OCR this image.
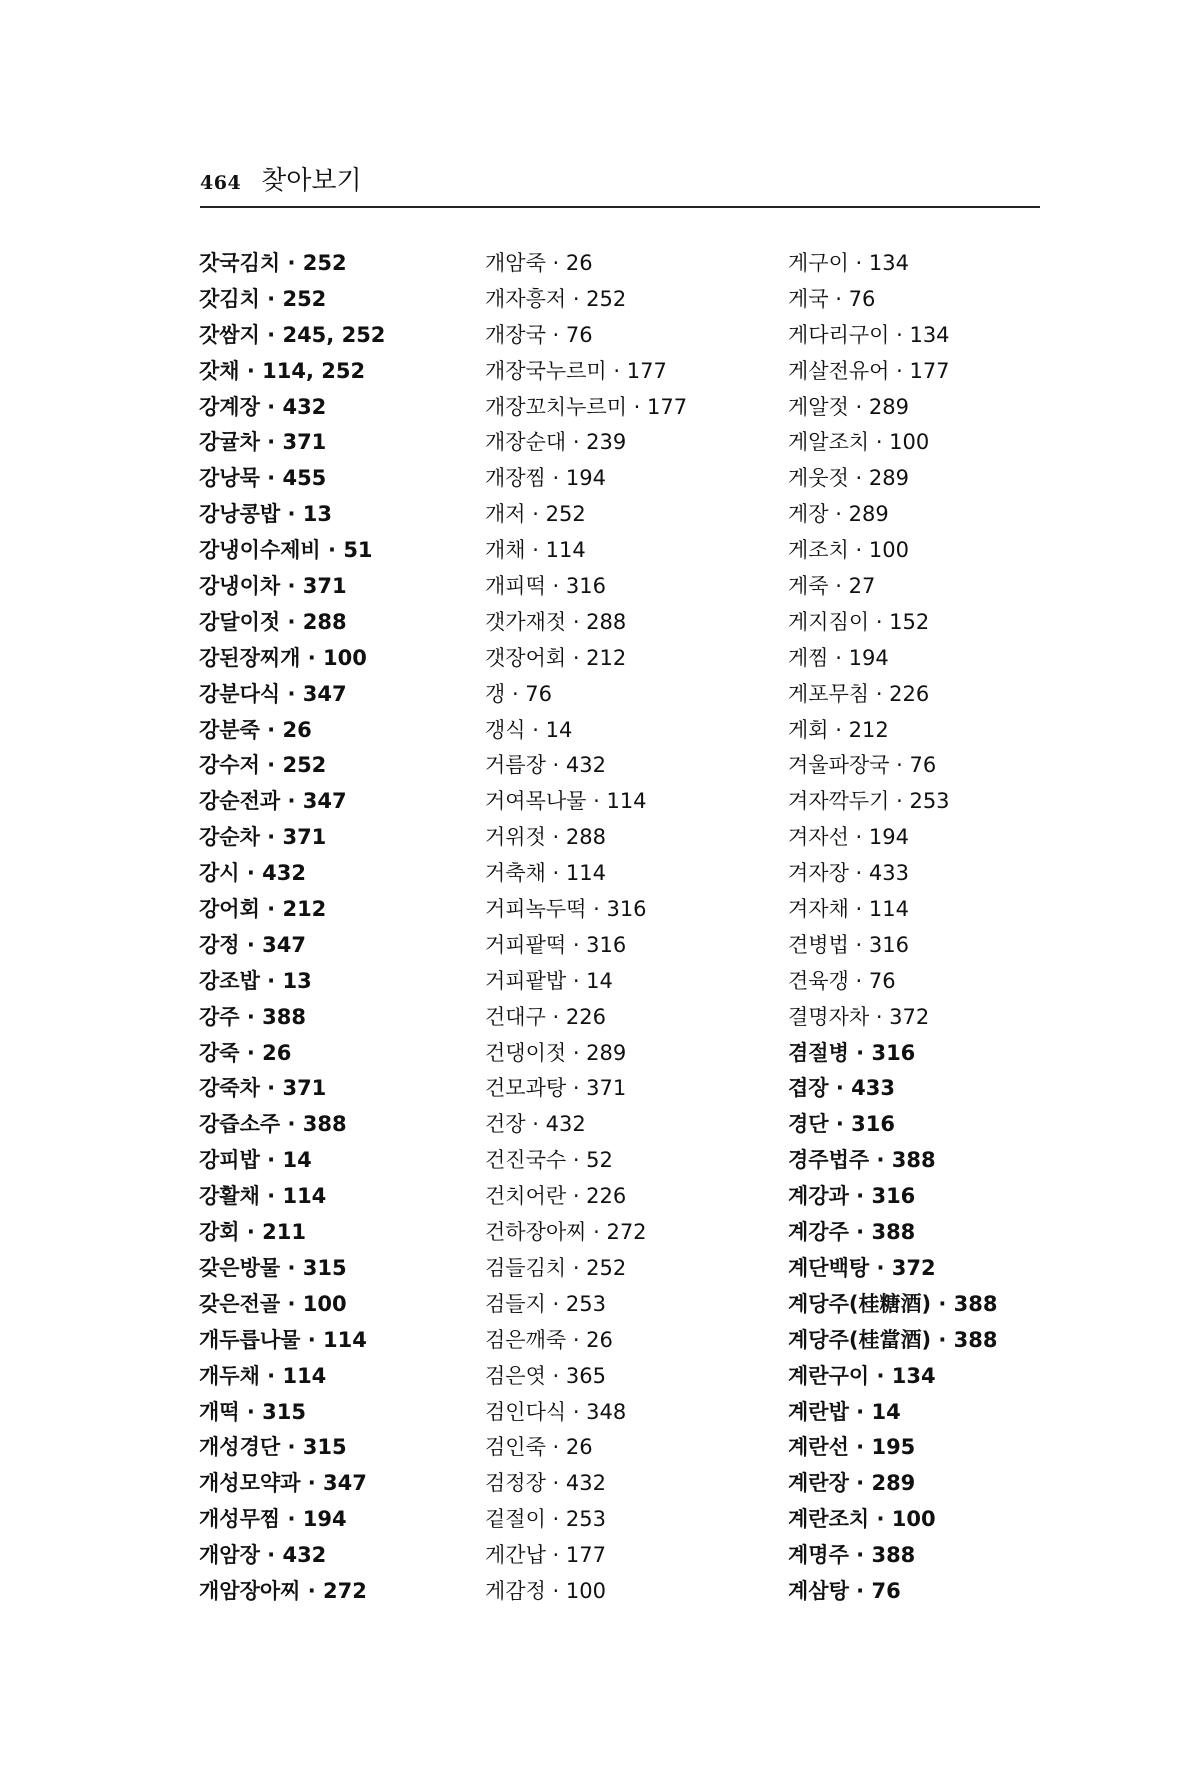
464 찾아보기
갓국김치 · 252
갓김치 · 252
갓쌈지 · 245, 252
갓채 · 114, 252
강계장 · 432
강귤차 · 371
강낭묵 · 455
강낭콩밥 · 13
강냉이수제비 · 51
강냉이차 · 371
강달이젓 · 288
강된장찌개 · 100
강분다식 · 347
강분죽 · 26
강수저 · 252
강순전과 · 347
강순차 · 371
강시 · 432
강어회 · 212
강정 · 347
강조밥 · 13
강주 · 388
강죽 · 26
강죽차 · 371
강즙소주 · 388
강피밥 · 14
강활채 · 114
강회 · 211
갖은방물 · 315
갖은전골 · 100
개두릅나물 · 114
개두채 · 114
개떡 · 315
개성경단 · 315
개성모약과 · 347
개성무찜 · 194
개암장 · 432
개암장아찌 · 272
개암죽 · 26
개자흥저 · 252
개장국 · 76
개장국누르미 · 177
개장꼬치누르미 · 177
개장순대 · 239
개장찜 · 194
개저 · 252
개채 · 114
개피떡 · 316
갯가재젓 · 288
갯장어회 · 212
갱 · 76
갱식 · 14
거름장 · 432
거여목나물 · 114
거위젓 · 288
거축채 · 114
거피녹두떡 · 316
거피팥떡 · 316
거피팥밥 · 14
건대구 · 226
건댕이젓 · 289
건모과탕 · 371
건장 · 432
건진국수 · 52
건치어란 · 226
건하장아찌 · 272
검들김치 · 252
검들지 · 253
검은깨죽 · 26
검은엿 · 365
검인다식 · 348
검인죽 · 26
검정장 · 432
겉절이 · 253
게간납 · 177
게감정 · 100
게구이 · 134
게국 · 76
게다리구이 · 134
게살전유어 · 177
게알젓 · 289
게알조치 · 100
게웃젓 · 289
게장 · 289
게조치 · 100
게죽 · 27
게지짐이 · 152
게찜 · 194
게포무침 · 226
게회 · 212
겨울파장국 · 76
겨자깍두기 · 253
겨자선 · 194
겨자장 · 433
겨자채 · 114
견병법 · 316
견육갱 · 76
결명자차 · 372
겸절병 · 316
겹장 · 433
경단 · 316
경주법주 · 388
계강과 · 316
계강주 · 388
계단백탕 · 372
계당주(桂糖酒) · 388
계당주(桂當酒) · 388
계란구이 · 134
계란밥 · 14
계란선 · 195
계란장 · 289
계란조치 · 100
계명주 · 388
계삼탕 · 76
